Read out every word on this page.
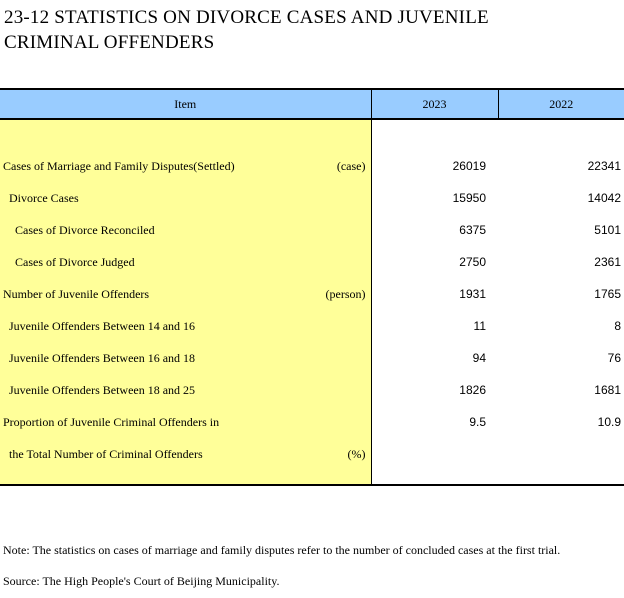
23-12 STATISTICS ON DIVORCE CASES AND JUVENILE
CRIMINAL OFFENDERS
Item	2023	2022

Cases of Marriage and Family Disputes(Settled) (case)	26019	22341

Divorce Cases	15950	14042

Cases of Divorce Reconciled	6375	5101

Cases of Divorce Judged	2750	2361

Number of Juvenile Offenders (person)	1931	1765

Juvenile Offenders Between 14 and 16	11	8

Juvenile Offenders Between 16 and 18	94	76

Juvenile Offenders Between 18 and 25	1826	1681

Proportion of Juvenile Criminal Offenders in	9.5	10.9

the Total Number of Criminal Offenders (%)		

Note: The statistics on cases of marriage and family disputes refer to the number of concluded cases at the first trial.
Source: The High People's Court of Beijing Municipality.
